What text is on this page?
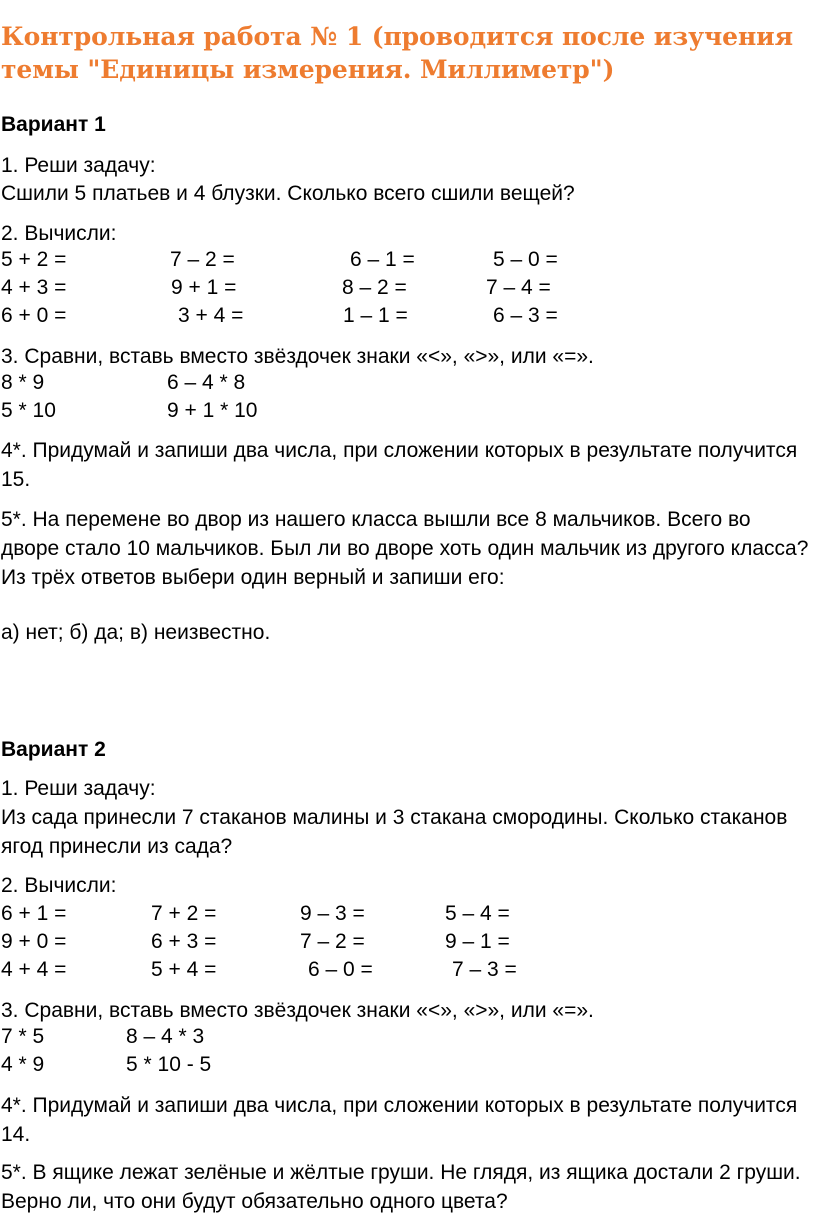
Контрольная работа № 1 (проводится после изучения темы "Единицы измерения. Миллиметр")
Вариант 1
1. Реши задачу:
Сшили 5 платьев и 4 блузки. Сколько всего сшили вещей?
2. Вычисли:
5 + 2 =	7 – 2 =	6 – 1 =	5 – 0 =
4 + 3 =	9 + 1 =	8 – 2 =	7 – 4 =
6 + 0 =	3 + 4 =	1 – 1 =	6 – 3 =
3. Сравни, вставь вместо звёздочек знаки «<», «>», или «=».
8 * 9	6 – 4 * 8
5 * 10	9 + 1 * 10
4*. Придумай и запиши два числа, при сложении которых в результате получится 15.
5*. На перемене во двор из нашего класса вышли все 8 мальчиков. Всего во дворе стало 10 мальчиков. Был ли во дворе хоть один мальчик из другого класса? Из трёх ответов выбери один верный и запиши его:
а) нет; б) да; в) неизвестно.
Вариант 2
1. Реши задачу:
Из сада принесли 7 стаканов малины и 3 стакана смородины. Сколько стаканов ягод принесли из сада?
2. Вычисли:
6 + 1 =	7 + 2 =	9 – 3 =	5 – 4 =
9 + 0 =	6 + 3 =	7 – 2 =	9 – 1 =
4 + 4 =	5 + 4 =	6 – 0 =	7 – 3 =
3. Сравни, вставь вместо звёздочек знаки «<», «>», или «=».
7 * 5	8 – 4 * 3
4 * 9	5 * 10 - 5
4*. Придумай и запиши два числа, при сложении которых в результате получится 14.
5*. В ящике лежат зелёные и жёлтые груши. Не глядя, из ящика достали 2 груши. Верно ли, что они будут обязательно одного цвета?
